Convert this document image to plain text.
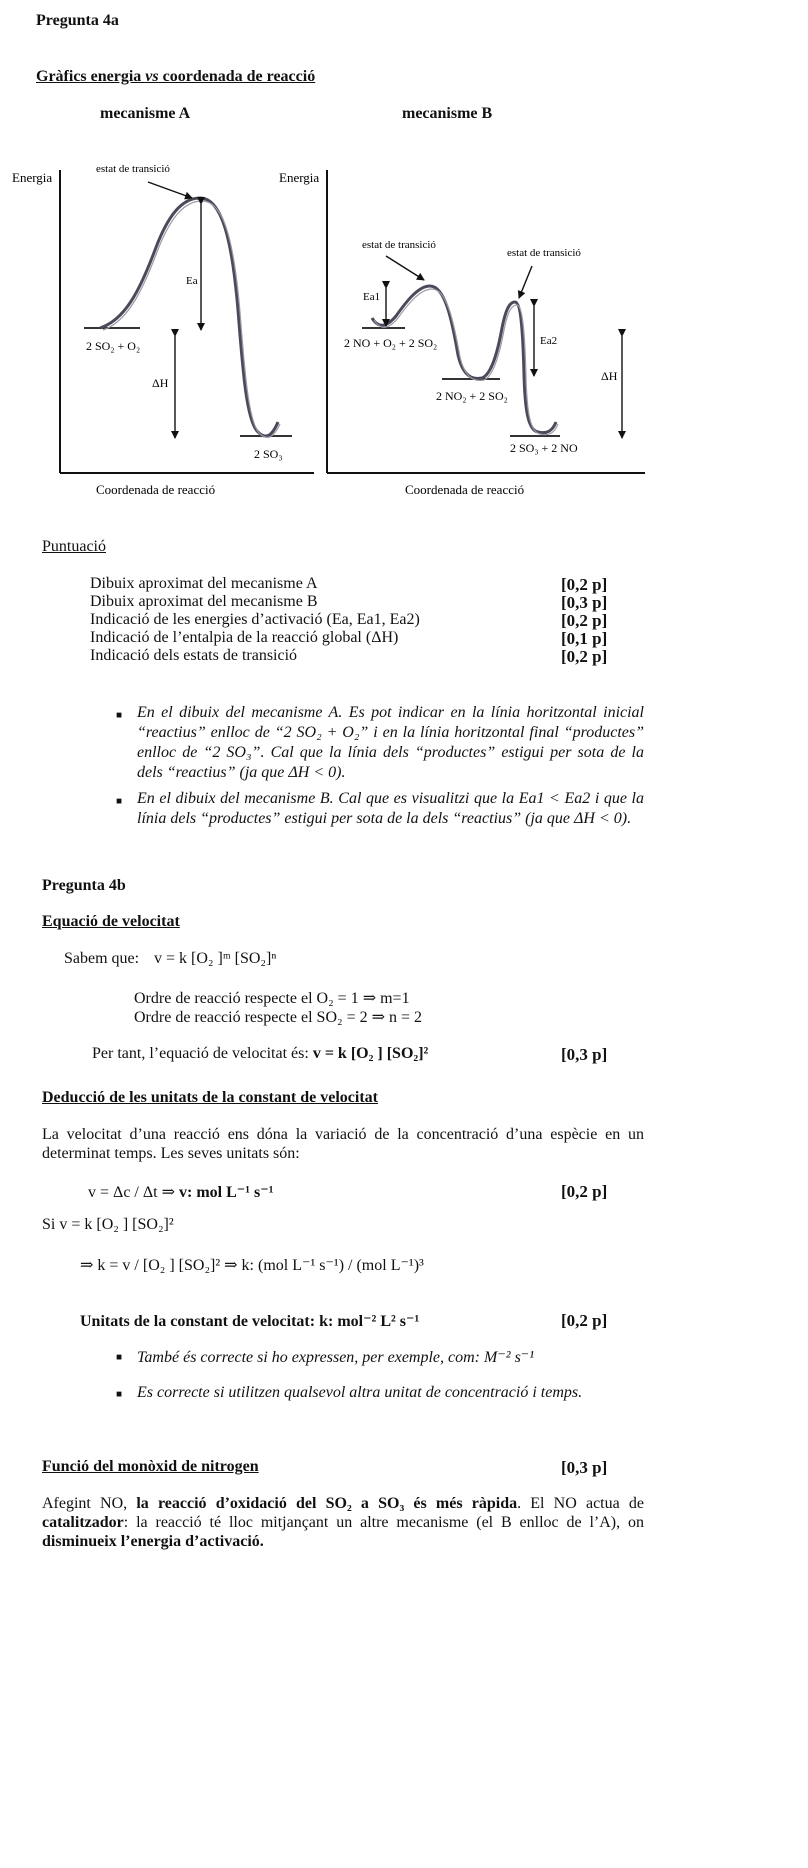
Pregunta 4a
Gràfics energia vs coordenada de reacció
mecanisme A	mecanisme B
Energia
Coordenada de reacció
estat de transició
Ea
2 SO₂ + O₂
ΔH
2 SO₃
Energia
Coordenada de reacció
estat de transició
estat de transició
Ea1
Ea2
2 NO + O₂ + 2 SO₂
2 NO₂ + 2 SO₂
2 SO₃ + 2 NO
ΔH
Puntuació
Dibuix aproximat del mecanisme A	[0,2 p]
Dibuix aproximat del mecanisme B	[0,3 p]
Indicació de les energies d’activació (Ea, Ea1, Ea2)	[0,2 p]
Indicació de l’entalpia de la reacció global (ΔH)	[0,1 p]
Indicació dels estats de transició	[0,2 p]
■ En el dibuix del mecanisme A. Es pot indicar en la línia horitzontal inicial “reactius” enlloc de “2 SO₂ + O₂” i en la línia horitzontal final “productes” enlloc de “2 SO₃”. Cal que la línia dels “productes” estigui per sota de la dels “reactius” (ja que ΔH < 0).
■ En el dibuix del mecanisme B. Cal que es visualitzi que la Ea1 < Ea2 i que la línia dels “productes” estigui per sota de la dels “reactius” (ja que ΔH < 0).
Pregunta 4b
Equació de velocitat
Sabem que: v = k [O₂ ]ᵐ [SO₂]ⁿ
Ordre de reacció respecte el O₂ = 1 ⇒ m=1
Ordre de reacció respecte el SO₂ = 2 ⇒ n = 2
Per tant, l’equació de velocitat és: v = k [O₂ ] [SO₂]²	[0,3 p]
Deducció de les unitats de la constant de velocitat
La velocitat d’una reacció ens dóna la variació de la concentració d’una espècie en un determinat temps. Les seves unitats són:
v = Δc / Δt ⇒ v: mol L⁻¹ s⁻¹	[0,2 p]
Si v = k [O₂ ] [SO₂]²
⇒ k = v / [O₂ ] [SO₂]² ⇒ k: (mol L⁻¹ s⁻¹) / (mol L⁻¹)³
Unitats de la constant de velocitat: k: mol⁻² L² s⁻¹	[0,2 p]
■ També és correcte si ho expressen, per exemple, com: M⁻² s⁻¹
■ Es correcte si utilitzen qualsevol altra unitat de concentració i temps.
Funció del monòxid de nitrogen	[0,3 p]
Afegint NO, la reacció d’oxidació del SO₂ a SO₃ és més ràpida. El NO actua de catalitzador: la reacció té lloc mitjançant un altre mecanisme (el B enlloc de l’A), on disminueix l’energia d’activació.
